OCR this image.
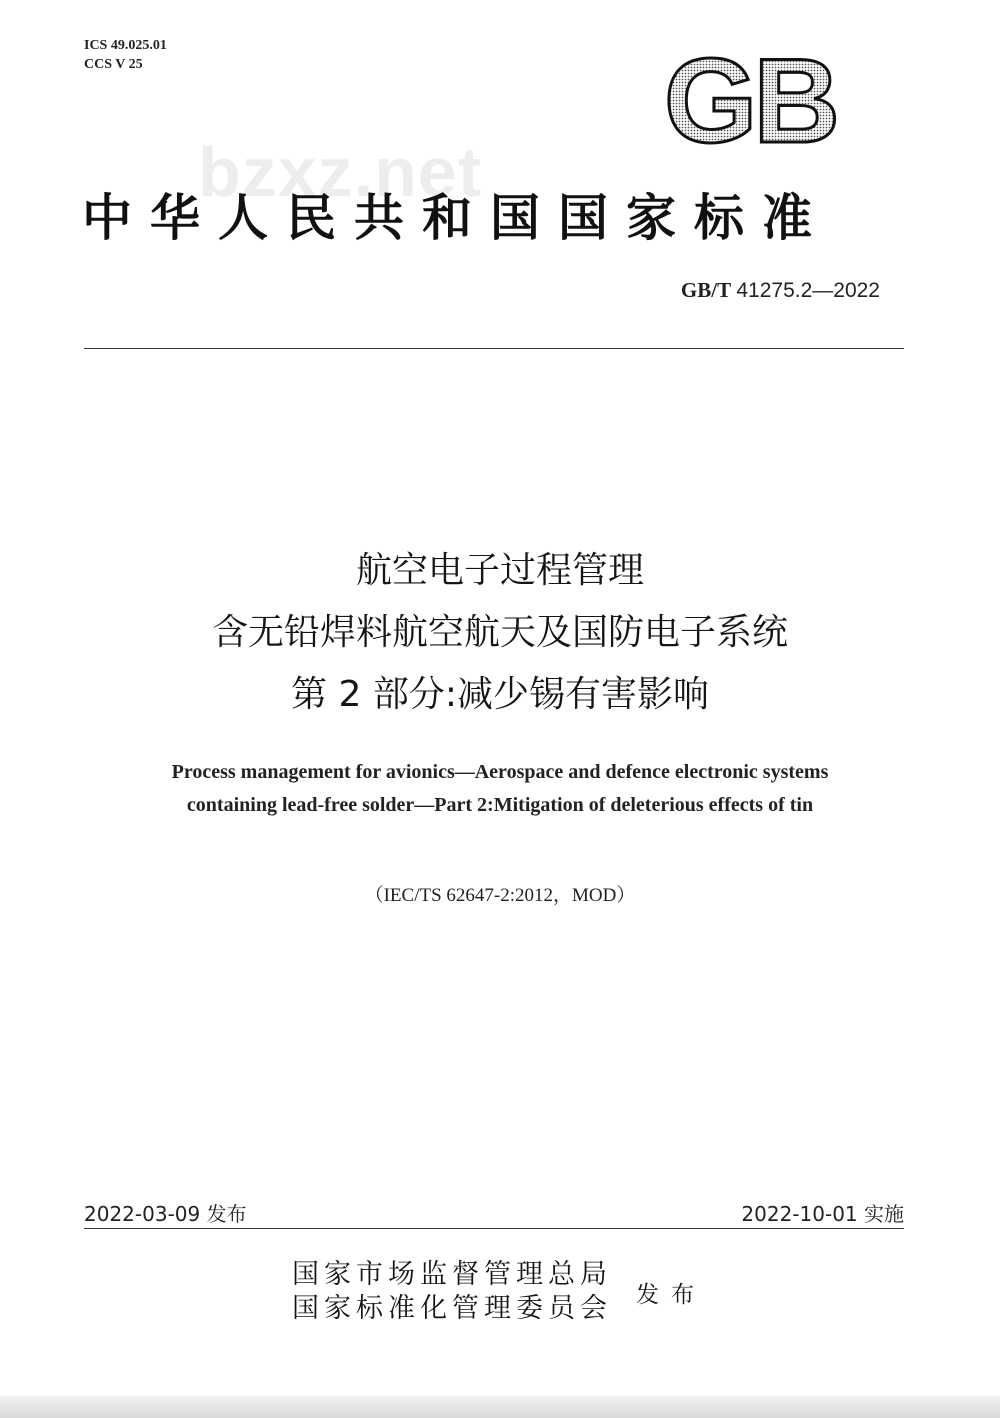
ICS 49.025.01
CCS V 25	GB
bzxz.net
中华人民共和国国家标准
GB/T 41275.2—2022
航空电子过程管理
含无铅焊料航空航天及国防电子系统
第 2 部分:减少锡有害影响
Process management for avionics—Aerospace and defence electronic systems
containing lead-free solder—Part 2:Mitigation of deleterious effects of tin
（IEC/TS 62647-2:2012，MOD）
2022-03-09 发布	2022-10-01 实施
国家市场监督管理总局
国家标准化管理委员会 发布
